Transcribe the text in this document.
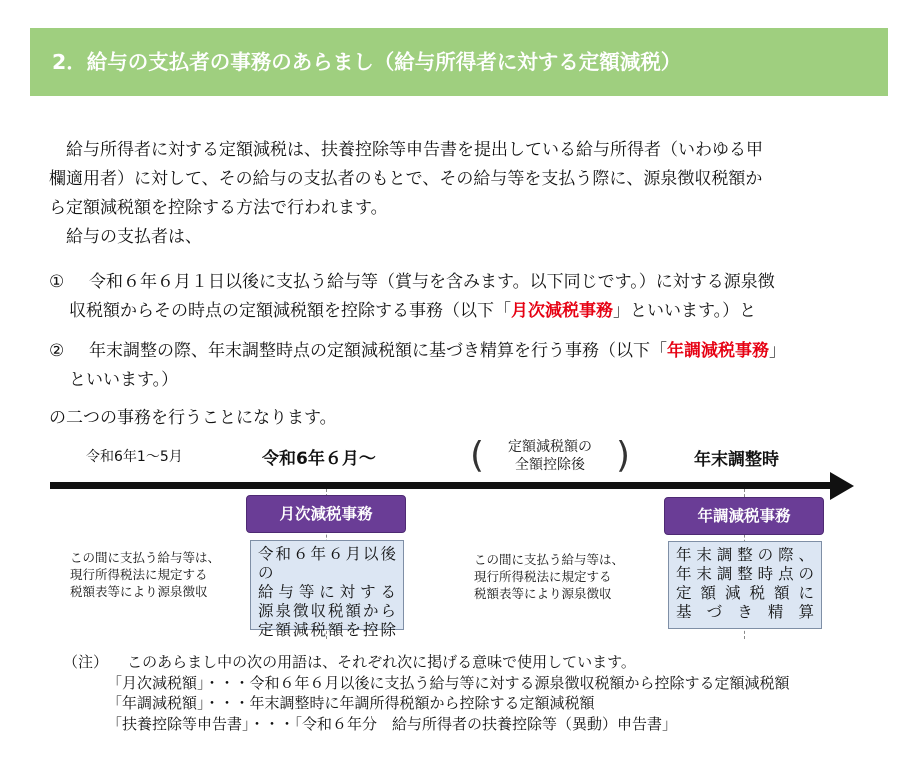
2．給与の支払者の事務のあらまし（給与所得者に対する定額減税）

給与所得者に対する定額減税は、扶養控除等申告書を提出している給与所得者（いわゆる甲
欄適用者）に対して、その給与の支払者のもとで、その給与等を支払う際に、源泉徴収税額か
ら定額減税額を控除する方法で行われます。
給与の支払者は、

① 令和６年６月１日以後に支払う給与等（賞与を含みます。以下同じです。）に対する源泉徴
収税額からその時点の定額減税額を控除する事務（以下「月次減税事務」といいます。）と
② 年末調整の際、年末調整時点の定額減税額に基づき精算を行う事務（以下「年調減税事務」
といいます。）
の二つの事務を行うことになります。
令和6年1～5月	令和6年６月～	( 定額減税額の
全額控除後 )	年末調整時
月次減税事務	年調減税事務
この間に支払う給与等は、
現行所得税法に規定する
税額表等により源泉徴収
令和６年６月以後の
給与等に対する
源泉徴収税額から
定額減税額を控除
この間に支払う給与等は、
現行所得税法に規定する
税額表等により源泉徴収
年末調整の際、
年末調整時点の
定額減税額に
基づき精算
（注） このあらまし中の次の用語は、それぞれ次に掲げる意味で使用しています。
「月次減税額」・・・令和６年６月以後に支払う給与等に対する源泉徴収税額から控除する定額減税額
「年調減税額」・・・年末調整時に年調所得税額から控除する定額減税額
「扶養控除等申告書」・・・「令和６年分　給与所得者の扶養控除等（異動）申告書」
